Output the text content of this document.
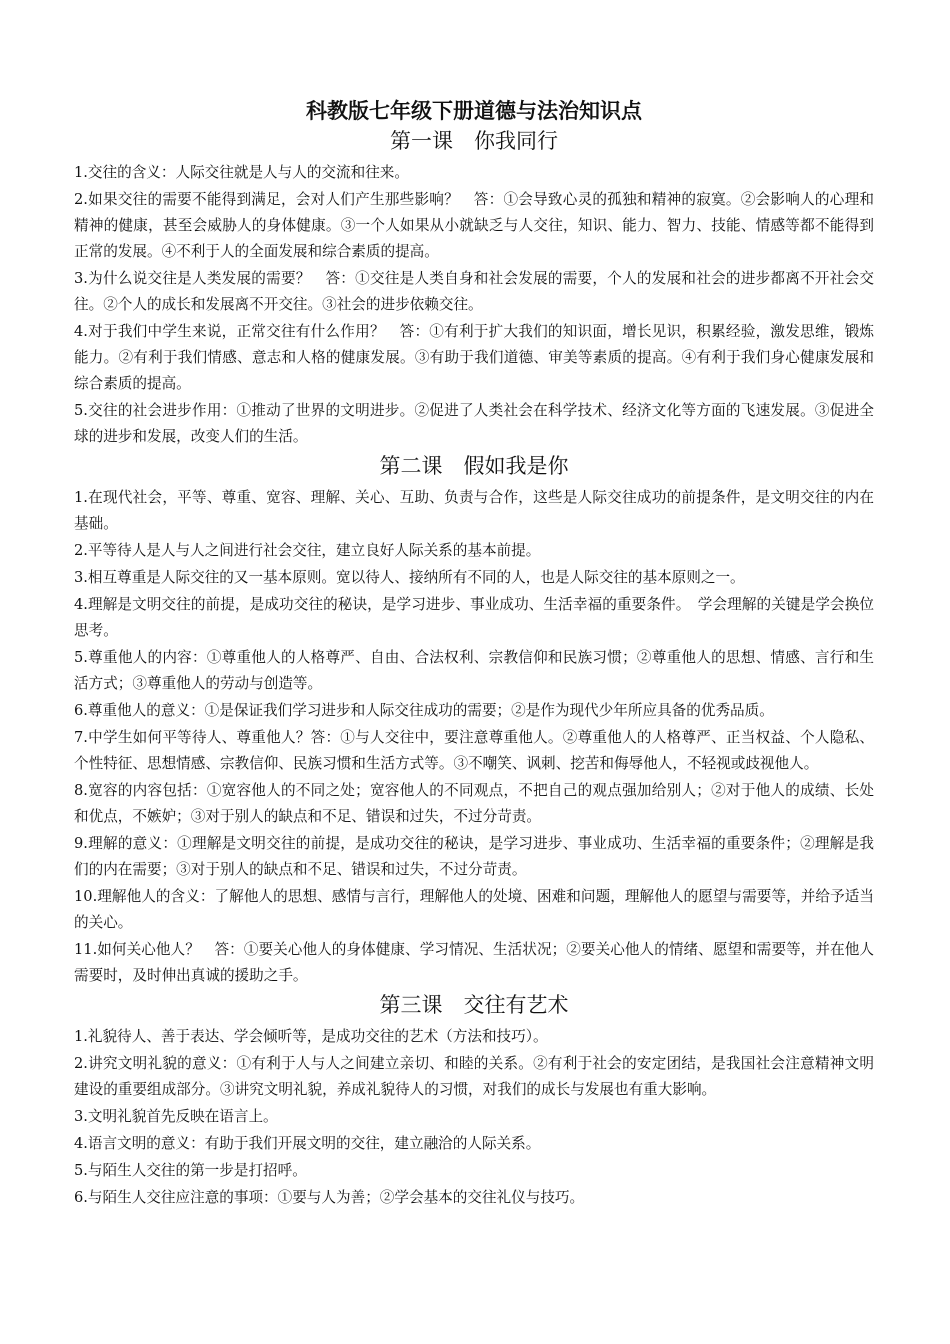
科教版七年级下册道德与法治知识点
第一课　你我同行

1.交往的含义：人际交往就是人与人的交流和往来。

2.如果交往的需要不能得到满足，会对人们产生那些影响？　答：①会导致心灵的孤独和精神的寂寞。②会影响人的心理和精神的健康，甚至会威胁人的身体健康。③一个人如果从小就缺乏与人交往，知识、能力、智力、技能、情感等都不能得到正常的发展。④不利于人的全面发展和综合素质的提高。

3.为什么说交往是人类发展的需要？　答：①交往是人类自身和社会发展的需要，个人的发展和社会的进步都离不开社会交往。②个人的成长和发展离不开交往。③社会的进步依赖交往。

4.对于我们中学生来说，正常交往有什么作用？　答：①有利于扩大我们的知识面，增长见识，积累经验，激发思维，锻炼能力。②有利于我们情感、意志和人格的健康发展。③有助于我们道德、审美等素质的提高。④有利于我们身心健康发展和综合素质的提高。

5.交往的社会进步作用：①推动了世界的文明进步。②促进了人类社会在科学技术、经济文化等方面的飞速发展。③促进全球的进步和发展，改变人们的生活。

第二课　假如我是你

1.在现代社会，平等、尊重、宽容、理解、关心、互助、负责与合作，这些是人际交往成功的前提条件，是文明交往的内在基础。

2.平等待人是人与人之间进行社会交往，建立良好人际关系的基本前提。

3.相互尊重是人际交往的又一基本原则。宽以待人、接纳所有不同的人，也是人际交往的基本原则之一。

4.理解是文明交往的前提，是成功交往的秘诀，是学习进步、事业成功、生活幸福的重要条件。　学会理解的关键是学会换位思考。

5.尊重他人的内容：①尊重他人的人格尊严、自由、合法权利、宗教信仰和民族习惯；②尊重他人的思想、情感、言行和生活方式；③尊重他人的劳动与创造等。

6.尊重他人的意义：①是保证我们学习进步和人际交往成功的需要；②是作为现代少年所应具备的优秀品质。

7.中学生如何平等待人、尊重他人？答：①与人交往中，要注意尊重他人。②尊重他人的人格尊严、正当权益、个人隐私、个性特征、思想情感、宗教信仰、民族习惯和生活方式等。③不嘲笑、讽刺、挖苦和侮辱他人，不轻视或歧视他人。

8.宽容的内容包括：①宽容他人的不同之处；宽容他人的不同观点，不把自己的观点强加给别人；②对于他人的成绩、长处和优点，不嫉妒；③对于别人的缺点和不足、错误和过失，不过分苛责。

9.理解的意义：①理解是文明交往的前提，是成功交往的秘诀，是学习进步、事业成功、生活幸福的重要条件；②理解是我们的内在需要；③对于别人的缺点和不足、错误和过失，不过分苛责。

10.理解他人的含义：了解他人的思想、感情与言行，理解他人的处境、困难和问题，理解他人的愿望与需要等，并给予适当的关心。

11.如何关心他人？　答：①要关心他人的身体健康、学习情况、生活状况；②要关心他人的情绪、愿望和需要等，并在他人需要时，及时伸出真诚的援助之手。

第三课　交往有艺术

1.礼貌待人、善于表达、学会倾听等，是成功交往的艺术（方法和技巧）。

2.讲究文明礼貌的意义：①有利于人与人之间建立亲切、和睦的关系。②有利于社会的安定团结，是我国社会注意精神文明建设的重要组成部分。③讲究文明礼貌，养成礼貌待人的习惯，对我们的成长与发展也有重大影响。

3.文明礼貌首先反映在语言上。

4.语言文明的意义：有助于我们开展文明的交往，建立融洽的人际关系。

5.与陌生人交往的第一步是打招呼。

6.与陌生人交往应注意的事项：①要与人为善；②学会基本的交往礼仪与技巧。
